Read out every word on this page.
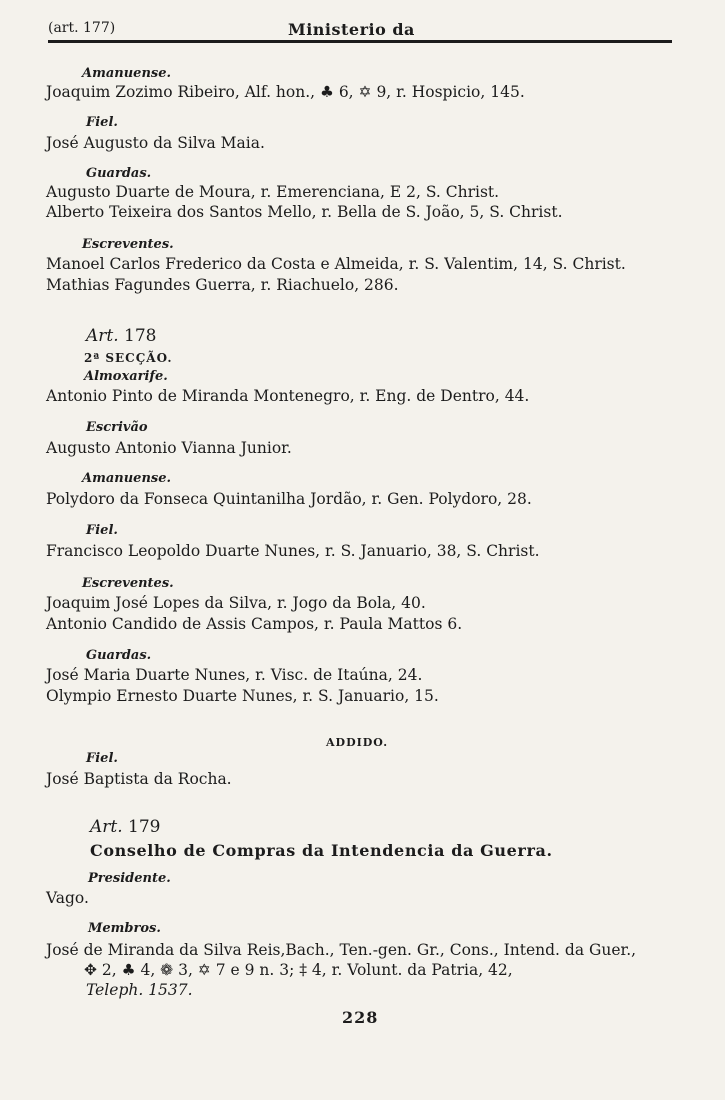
(art. 177)	Ministerio da
Amanuense.
Joaquim Zozimo Ribeiro, Alf. hon., ♣ 6, ✡ 9, r. Hospicio, 145.
Fiel.
José Augusto da Silva Maia.
Guardas.
Augusto Duarte de Moura, r. Emerenciana, E 2, S. Christ.
Alberto Teixeira dos Santos Mello, r. Bella de S. João, 5, S. Christ.
Escreventes.
Manoel Carlos Frederico da Costa e Almeida, r. S. Valentim, 14, S. Christ.
Mathias Fagundes Guerra, r. Riachuelo, 286.
Art. 178
2ª SECÇÃO.
Almoxarife.
Antonio Pinto de Miranda Montenegro, r. Eng. de Dentro, 44.
Escrivão
Augusto Antonio Vianna Junior.
Amanuense.
Polydoro da Fonseca Quintanilha Jordão, r. Gen. Polydoro, 28.
Fiel.
Francisco Leopoldo Duarte Nunes, r. S. Januario, 38, S. Christ.
Escreventes.
Joaquim José Lopes da Silva, r. Jogo da Bola, 40.
Antonio Candido de Assis Campos, r. Paula Mattos 6.
Guardas.
José Maria Duarte Nunes, r. Visc. de Itaúna, 24.
Olympio Ernesto Duarte Nunes, r. S. Januario, 15.
ADDIDO.
Fiel.
José Baptista da Rocha.
Art. 179
Conselho de Compras da Intendencia da Guerra.
Presidente.
Vago.
Membros.
José de Miranda da Silva Reis,Bach., Ten.-gen. Gr., Cons., Intend. da Guer.,
✥ 2, ♣ 4, ❁ 3, ✡ 7 e 9 n. 3; ‡ 4, r. Volunt. da Patria, 42,
Teleph. 1537.
228
